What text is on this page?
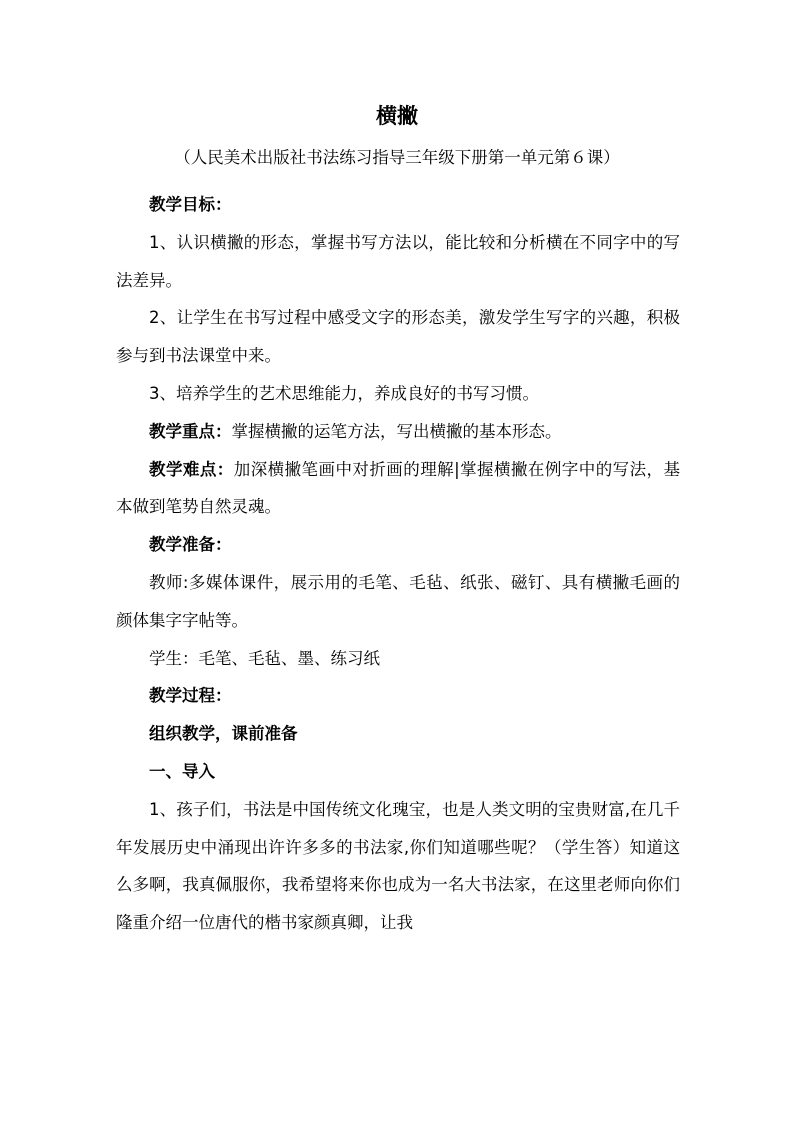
横撇
（人民美术出版社书法练习指导三年级下册第一单元第６课）

教学目标：

1、认识横撇的形态，掌握书写方法以，能比较和分析横在不同字中的写法差异。

2、让学生在书写过程中感受文字的形态美，激发学生写字的兴趣，积极参与到书法课堂中来。

3、培养学生的艺术思维能力，养成良好的书写习惯。

教学重点：掌握横撇的运笔方法，写出横撇的基本形态。

教学难点：加深横撇笔画中对折画的理解|掌握横撇在例字中的写法，基本做到笔势自然灵魂。

教学准备：

教师:多媒体课件，展示用的毛笔、毛毡、纸张、磁钉、具有横撇毛画的颜体集字字帖等。

学生：毛笔、毛毡、墨、练习纸

教学过程：

组织教学，课前准备

一、导入

1、孩子们，书法是中国传统文化瑰宝，也是人类文明的宝贵财富,在几千年发展历史中涌现出许许多多的书法家,你们知道哪些呢？（学生答）知道这么多啊，我真佩服你，我希望将来你也成为一名大书法家，在这里老师向你们隆重介绍一位唐代的楷书家颜真卿，让我
